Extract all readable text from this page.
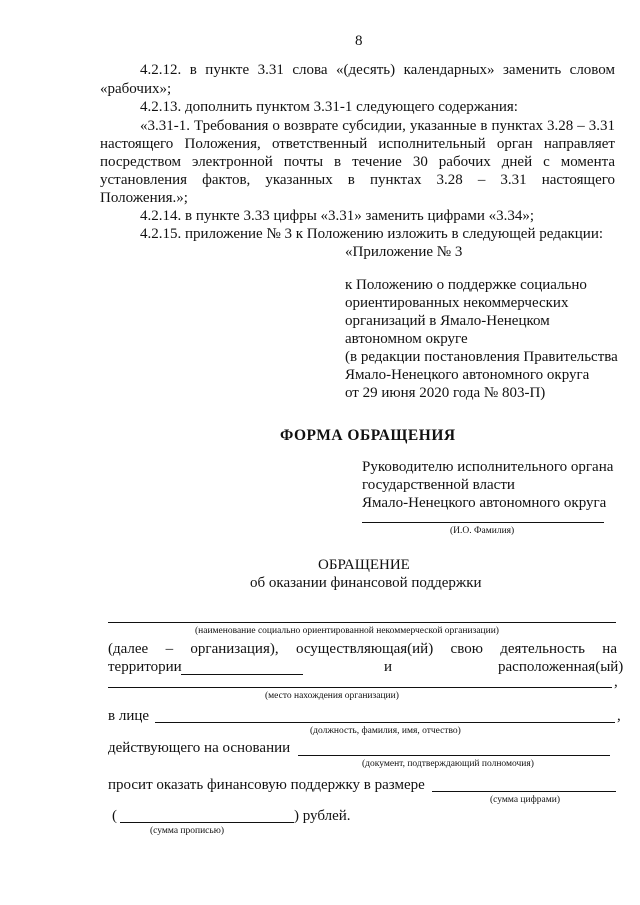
8
4.2.12. в пункте 3.31 слова «(десять) календарных» заменить словом
«рабочих»;
4.2.13. дополнить пунктом 3.31-1 следующего содержания:
«3.31-1. Требования о возврате субсидии, указанные в пунктах 3.28 – 3.31
настоящего Положения, ответственный исполнительный орган направляет
посредством электронной почты в течение 30 рабочих дней с момента
установления фактов, указанных в пунктах 3.28 – 3.31 настоящего
Положения.»;
4.2.14. в пункте 3.33 цифры «3.31» заменить цифрами «3.34»;
4.2.15. приложение № 3 к Положению изложить в следующей редакции:
«Приложение № 3
к Положению о поддержке социально
ориентированных некоммерческих
организаций в Ямало-Ненецком
автономном округе
(в редакции постановления Правительства
Ямало-Ненецкого автономного округа
от 29 июня 2020 года № 803-П)
ФОРМА ОБРАЩЕНИЯ
Руководителю исполнительного органа
государственной власти
Ямало-Ненецкого автономного округа
(И.О. Фамилия)
ОБРАЩЕНИЕ
об оказании финансовой поддержки
(наименование социально ориентированной некоммерческой организации)
(далее – организация), осуществляющая(ий) свою деятельность на
территории	и	расположенная(ый)
,
(место нахождения организации)
в лице	,
(должность, фамилия, имя, отчество)
действующего на основании
(документ, подтверждающий полномочия)
просит оказать финансовую поддержку в размере
(сумма цифрами)
(	) рублей.
(сумма прописью)
